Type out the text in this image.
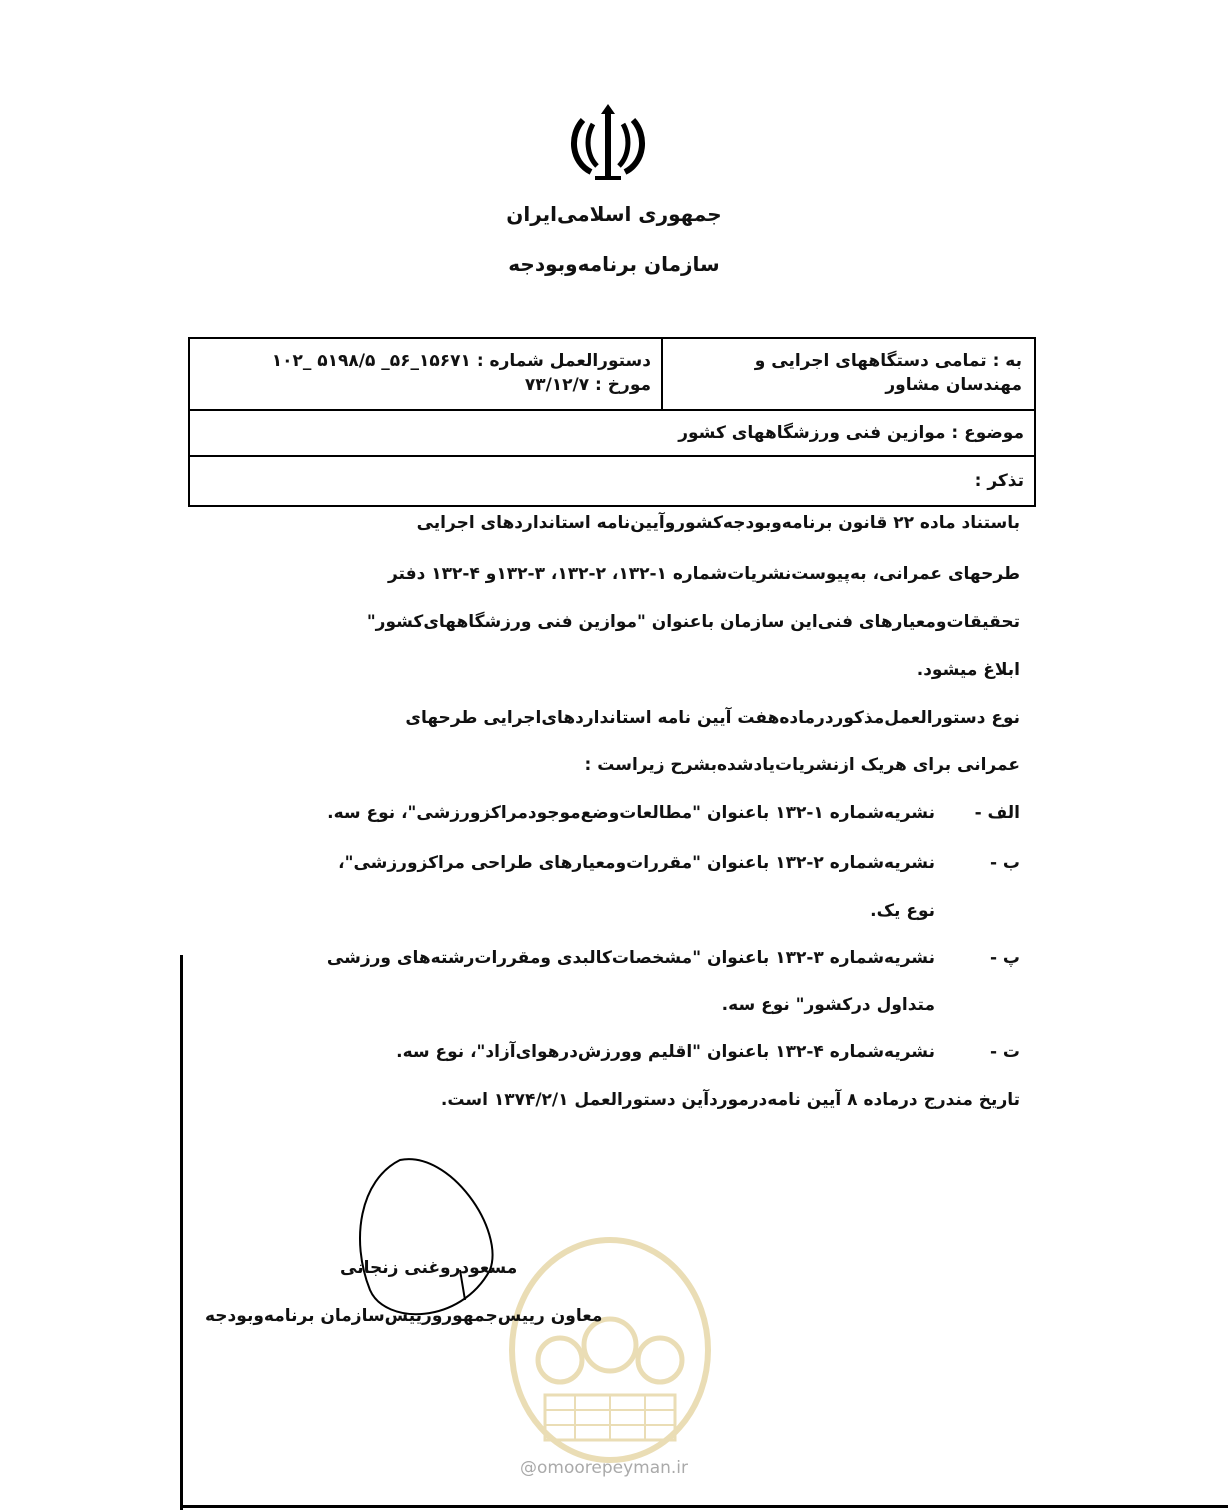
جمهوری اسلامی‌ایران
سازمان برنامه‌وبودجه
به : تمامی دستگاههای اجرایی و
مهندسان مشاور
دستورالعمل شماره : ۱۵۶۷۱_۵۶_ ۵۱۹۸/۵ _۱۰۲
مورخ : ۷۳/۱۲/۷
موضوع : موازین فنی ورزشگاههای کشور
تذکر :
باستناد ماده ۲۲ قانون برنامه‌وبودجه‌کشوروآیین‌نامه استانداردهای اجرایی
طرحهای عمرانی، به‌پیوست‌نشریات‌شماره ۱-۱۳۲، ۲-۱۳۲، ۳-۱۳۲و ۴-۱۳۲ دفتر
تحقیقات‌ومعیارهای فنی‌این سازمان باعنوان "موازین فنی ورزشگاههای‌کشور"
ابلاغ میشود.
نوع دستورالعمل‌مذکوردرماده‌هفت آیین نامه استانداردهای‌اجرایی طرحهای
عمرانی برای هریک ازنشریات‌یادشده‌بشرح زیراست :
الف -
نشریه‌شماره ۱-۱۳۲ باعنوان "مطالعات‌وضع‌موجودمراکزورزشی"، نوع سه.
ب -
نشریه‌شماره ۲-۱۳۲ باعنوان "مقررات‌ومعیارهای طراحی مراکزورزشی"،
نوع یک.
پ -
نشریه‌شماره ۳-۱۳۲ باعنوان "مشخصات‌کالبدی ومقررات‌رشته‌های ورزشی
متداول درکشور" نوع سه.
ت -
نشریه‌شماره ۴-۱۳۲ باعنوان "اقلیم وورزش‌درهوای‌آزاد"، نوع سه.
تاریخ مندرج درماده ۸ آیین نامه‌درموردآین دستورالعمل ۱۳۷۴/۲/۱ است.
@omoorepeyman.ir
مسعودروغنی زنجانی
معاون رییس‌جمهورورییس‌سازمان برنامه‌وبودجه
